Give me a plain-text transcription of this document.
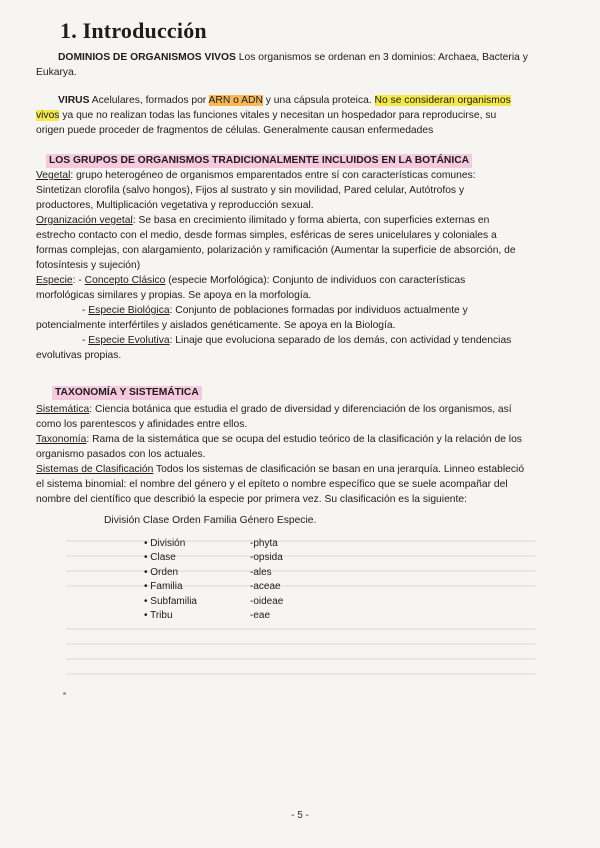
1. Introducción
DOMINIOS DE ORGANISMOS VIVOS Los organismos se ordenan en 3 dominios: Archaea, Bacteria y
Eukarya.
VIRUS Acelulares, formados por ARN o ADN y una cápsula proteica. No se consideran organismos
vivos ya que no realizan todas las funciones vitales y necesitan un hospedador para reproducirse, su
origen puede proceder de fragmentos de células. Generalmente causan enfermedades
LOS GRUPOS DE ORGANISMOS TRADICIONALMENTE INCLUIDOS EN LA BOTÁNICA
Vegetal: grupo heterogéneo de organismos emparentados entre sí con características comunes:
Sintetizan clorofila (salvo hongos), Fijos al sustrato y sin movilidad, Pared celular, Autótrofos y
productores, Multiplicación vegetativa y reproducción sexual.
Organización vegetal: Se basa en crecimiento ilimitado y forma abierta, con superficies externas en
estrecho contacto con el medio, desde formas simples, esféricas de seres unicelulares y coloniales a
formas complejas, con alargamiento, polarización y ramificación (Aumentar la superficie de absorción, de
fotosíntesis y sujeción)
Especie: - Concepto Clásico (especie Morfológica): Conjunto de individuos con características
morfológicas similares y propias. Se apoya en la morfología.
- Especie Biológica: Conjunto de poblaciones formadas por individuos actualmente y
potencialmente interfértiles y aislados genéticamente. Se apoya en la Biología.
- Especie Evolutiva: Linaje que evoluciona separado de los demás, con actividad y tendencias
evolutivas propias.
TAXONOMÍA Y SISTEMÁTICA
Sistemática: Ciencia botánica que estudia el grado de diversidad y diferenciación de los organismos, así
como los parentescos y afinidades entre ellos.
Taxonomía: Rama de la sistemática que se ocupa del estudio teórico de la clasificación y la relación de los
organismo pasados con los actuales.
Sistemas de Clasificación Todos los sistemas de clasificación se basan en una jerarquía. Linneo estableció
el sistema binomial: el nombre del género y el epíteto o nombre específico que se suele acompañar del
nombre del científico que describió la especie por primera vez. Su clasificación es la siguiente:
División Clase Orden Familia Género Especie.
• División	-phyta
• Clase	-opsida
• Orden	-ales
• Familia	-aceae
• Subfamilia	-oideae
• Tribu	-eae
- 5 -
